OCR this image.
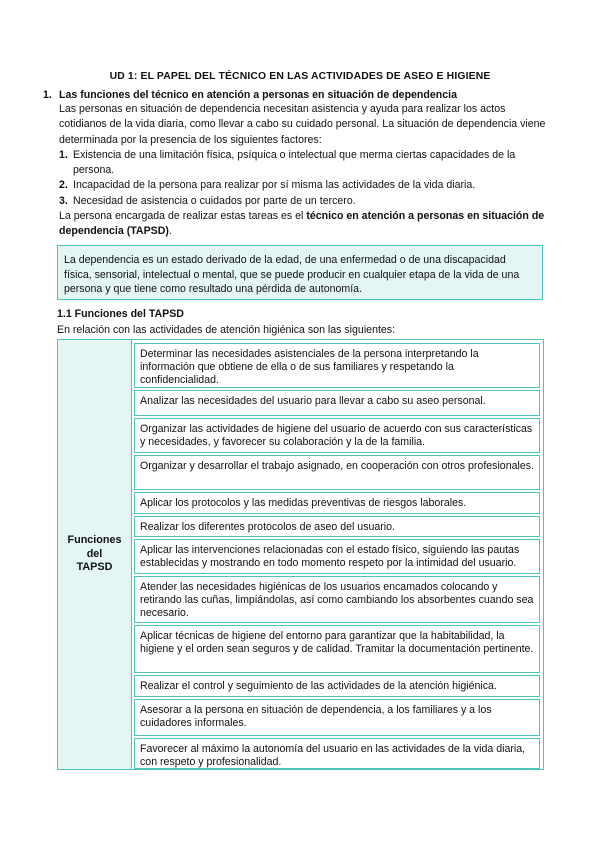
UD 1: EL PAPEL DEL TÉCNICO EN LAS ACTIVIDADES DE ASEO E HIGIENE
1. Las funciones del técnico en atención a personas en situación de dependencia
Las personas en situación de dependencia necesitan asistencia y ayuda para realizar los actos cotidianos de la vida diaria, como llevar a cabo su cuidado personal. La situación de dependencia viene determinada por la presencia de los siguientes factores:
1. Existencia de una limitación física, psíquica o intelectual que merma ciertas capacidades de la persona.
2. Incapacidad de la persona para realizar por sí misma las actividades de la vida diaria.
3. Necesidad de asistencia o cuidados por parte de un tercero.
La persona encargada de realizar estas tareas es el técnico en atención a personas en situación de dependencia (TAPSD).
La dependencia es un estado derivado de la edad, de una enfermedad o de una discapacidad física, sensorial, intelectual o mental, que se puede producir en cualquier etapa de la vida de una persona y que tiene como resultado una pérdida de autonomía.
1.1 Funciones del TAPSD
En relación con las actividades de atención higiénica son las siguientes:
Funciones
del
TAPSD
Determinar las necesidades asistenciales de la persona interpretando la información que obtiene de ella o de sus familiares y respetando la confidencialidad.
Analizar las necesidades del usuario para llevar a cabo su aseo personal.
Organizar las actividades de higiene del usuario de acuerdo con sus características y necesidades, y favorecer su colaboración y la de la familia.
Organizar y desarrollar el trabajo asignado, en cooperación con otros profesionales.
Aplicar los protocolos y las medidas preventivas de riesgos laborales.
Realizar los diferentes protocolos de aseo del usuario.
Aplicar las intervenciones relacionadas con el estado físico, siguiendo las pautas establecidas y mostrando en todo momento respeto por la intimidad del usuario.
Atender las necesidades higiénicas de los usuarios encamados colocando y retirando las cuñas, limpiándolas, así como cambiando los absorbentes cuando sea necesario.
Aplicar técnicas de higiene del entorno para garantizar que la habitabilidad, la higiene y el orden sean seguros y de calidad. Tramitar la documentación pertinente.
Realizar el control y seguimiento de las actividades de la atención higiénica.
Asesorar a la persona en situación de dependencia, a los familiares y a los cuidadores informales.
Favorecer al máximo la autonomía del usuario en las actividades de la vida diaria, con respeto y profesionalidad.
